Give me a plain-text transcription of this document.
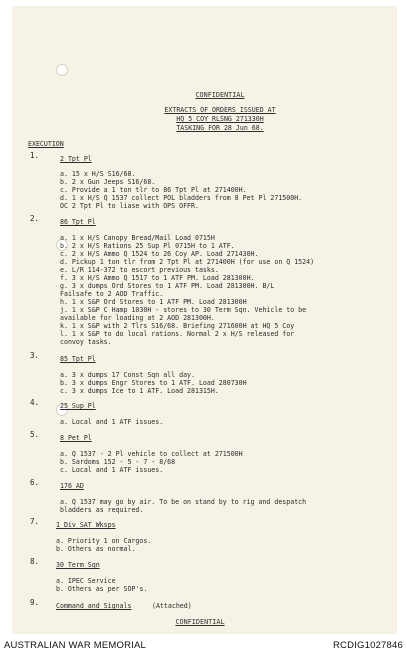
CONFIDENTIAL
EXTRACTS OF ORDERS ISSUED AT
HQ 5 COY RLSNG 271330H
TASKING FOR 28 Jun 68.
EXECUTION
1.	2 Tpt Pl
a. 15 x H/S S16/68.
b. 2 x Gun Jeeps S16/68.
c. Provide a 1 ton tlr to 86 Tpt Pl at 271400H.
d. 1 x H/S Q 1537 collect POL bladders from 8 Pet Pl 271500H.
OC 2 Tpt Pl to liase with OPS OFFR.
2.	86 Tpt Pl
a. 1 x H/S Canopy Bread/Mail Load 0715H
b. 2 x H/S Rations 25 Sup Pl 0715H to 1 ATF.
c. 2 x H/S Ammo Q 1524 to 26 Coy AP. Load 271430H.
d. Pickup 1 ton tlr from 2 Tpt Pl at 271400H (for use on Q 1524)
e. L/R 114-372 to escort previous tasks.
f. 3 x H/S Ammo Q 1517 to 1 ATF PM. Load 281300H.
g. 3 x dumps Ord Stores to 1 ATF PM. Load 281300H. B/L
Failsafe to 2 AOD Traffic.
h. 1 x S&P Ord Stores to 1 ATF PM. Load 281300H
j. 1 x S&P C Hamp 1030H - stores to 30 Term Sqn. Vehicle to be
available for loading at 2 AOD 281300H.
k. 1 x S&P with 2 Tlrs S16/68. Briefing 271600H at HQ 5 Coy
l. 1 x S&P to do local rations. Normal 2 x H/S released for
convoy tasks.
3.	85 Tpt Pl
a. 3 x dumps 17 Const Sqn all day.
b. 3 x dumps Engr Stores to 1 ATF. Load 280730H
c. 3 x dumps Ice to 1 ATF. Load 281315H.
4.	25 Sup Pl
a. Local and 1 ATF issues.
5.	8 Pet Pl
a. Q 1537 - 2 Pl vehicle to collect at 271500H
b. Sardoms 152 - 5 - 7 - 8/68
c. Local and 1 ATF issues.
6.	176 AD
a. Q 1537 may go by air. To be on stand by to rig and despatch
bladders as required.
7.	1 Div SAT Wksps
a. Priority 1 on Cargos.
b. Others as normal.
8.	30 Term Sqn
a. IPEC Service
b. Others as per SOP's.
9.	Command and Signals	(Attached)
CONFIDENTIAL
AUSTRALIAN WAR MEMORIAL	RCDIG1027846
